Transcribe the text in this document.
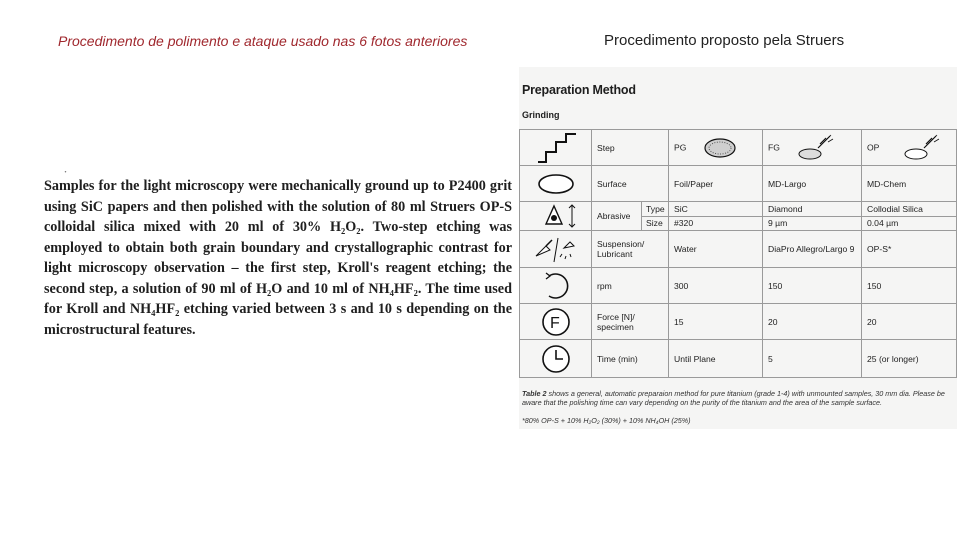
Procedimento de polimento e ataque usado nas 6 fotos anteriores	Procedimento proposto pela Struers
·
Samples for the light microscopy were mechanically ground up to P2400 grit using SiC papers and then polished with the solution of 80 ml Struers OP-S colloidal silica mixed with 20 ml of 30% H₂O₂. Two-step etching was employed to obtain both grain boundary and crystallographic contrast for light microscopy observation – the first step, Kroll's reagent etching; the second step, a solution of 90 ml of H₂O and 10 ml of NH₄HF₂. The time used for Kroll and NH₄HF₂ etching varied between 3 s and 10 s depending on the microstructural features.
Preparation Method
Grinding
	Step		PG	FG	OP

	Surface		Foil/Paper	MD-Largo	MD-Chem

	Abrasive	Type	SiC	Diamond	Collodial Silica
		Size	#320	9 µm	0.04 µm

	Suspension/ Lubricant		Water	DiaPro Allegro/Largo 9	OP-S*

	rpm		300	150	150

F	Force [N]/ specimen		15	20	20

	Time (min)		Until Plane	5	25 (or longer)
Table 2 shows a general, automatic preparaion method for pure titanium (grade 1-4) with unmounted samples, 30 mm dia. Please be aware that the polishing time can vary depending on the purity of the titanium and the area of the sample surface.
*80% OP-S + 10% H₂O₂ (30%) + 10% NH₄OH (25%)
